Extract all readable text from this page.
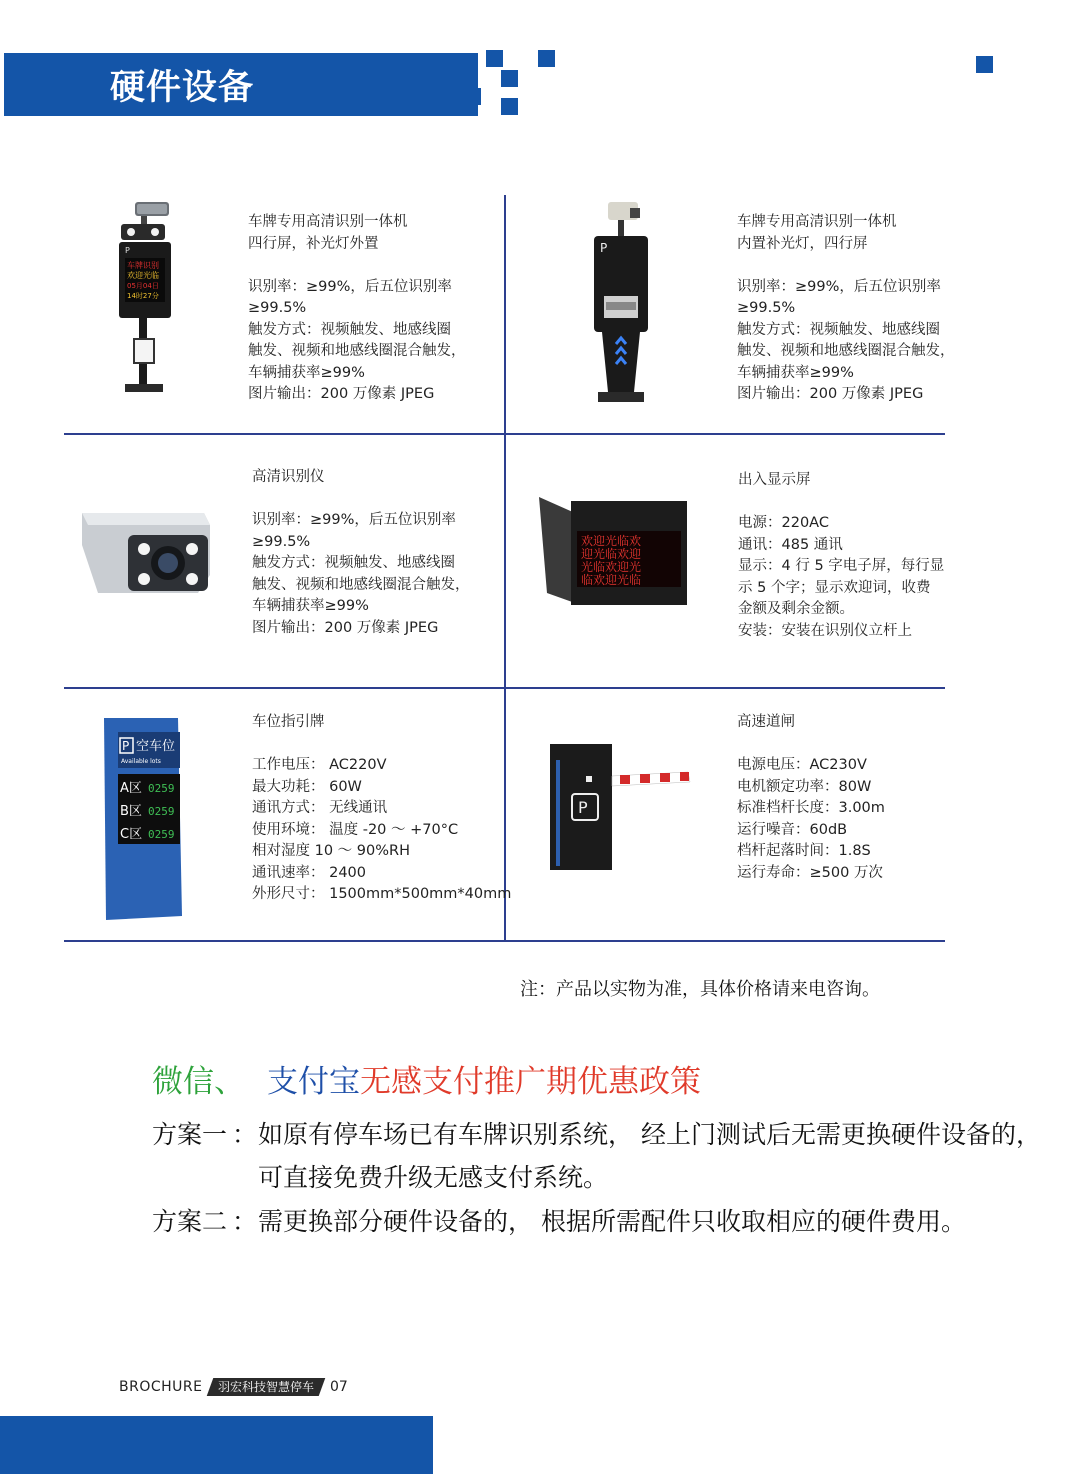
硬件设备
P
车牌识别
欢迎光临
05月04日
14时27分
车牌专用高清识别一体机
四行屏，补光灯外置
识别率：≥99%，后五位识别率
≥99.5%
触发方式：视频触发、地感线圈
触发、视频和地感线圈混合触发，
车辆捕获率≥99%
图片输出：200 万像素 JPEG
P
车牌专用高清识别一体机
内置补光灯，四行屏
识别率：≥99%，后五位识别率
≥99.5%
触发方式：视频触发、地感线圈
触发、视频和地感线圈混合触发，
车辆捕获率≥99%
图片输出：200 万像素 JPEG
高清识别仪
识别率：≥99%，后五位识别率
≥99.5%
触发方式：视频触发、地感线圈
触发、视频和地感线圈混合触发，
车辆捕获率≥99%
图片输出：200 万像素 JPEG
欢迎光临欢
迎光临欢迎
光临欢迎光
临欢迎光临
出入显示屏
电源：220AC
通讯：485 通讯
显示：4 行 5 字电子屏，每行显
示 5 个字；显示欢迎词，收费
金额及剩余金额。
安装：安装在识别仪立杆上
P 空车位
Available lots
A区 0259
B区 0259
C区 0259
车位指引牌
工作电压： AC220V
最大功耗： 60W
通讯方式： 无线通讯
使用环境： 温度 -20 ～ +70°C
相对湿度 10 ～ 90%RH
通讯速率： 2400
外形尺寸： 1500mm*500mm*40mm
P
高速道闸
电源电压：AC230V
电机额定功率：80W
标准档杆长度：3.00m
运行噪音：60dB
档杆起落时间：1.8S
运行寿命：≥500 万次
注：产品以实物为准，具体价格请来电咨询。
微信、 支付宝无感支付推广期优惠政策
方案一 ： 如原有停车场已有车牌识别系统， 经上门测试后无需更换硬件设备的，
可直接免费升级无感支付系统。
方案二 ： 需更换部分硬件设备的， 根据所需配件只收取相应的硬件费用。
BROCHURE	羽宏科技智慧停车	07
